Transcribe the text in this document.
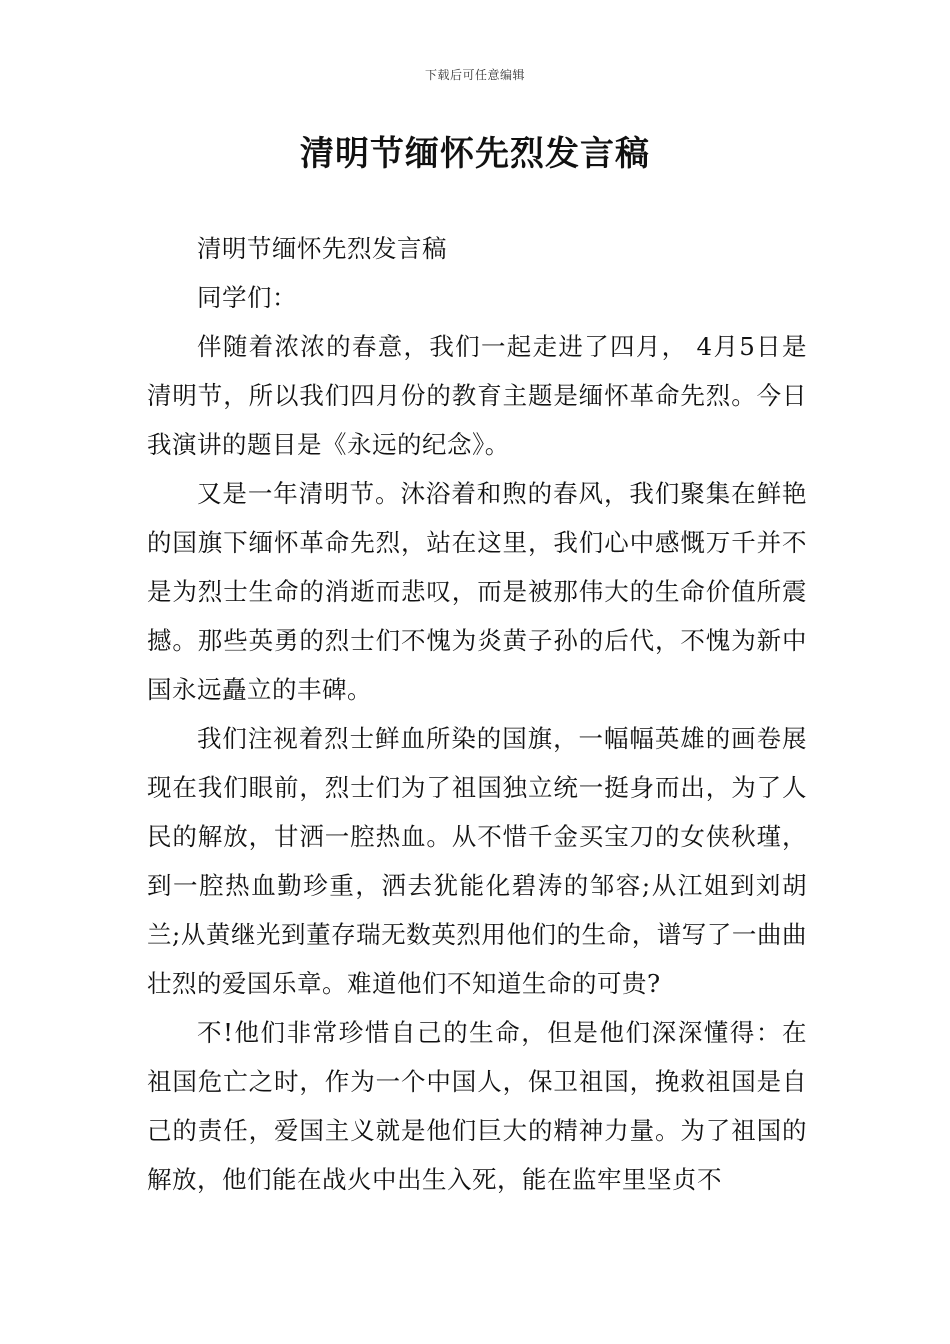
下载后可任意编辑
清明节缅怀先烈发言稿

清明节缅怀先烈发言稿

同学们：

伴随着浓浓的春意，我们一起走进了四月， 4月5日是清明节，所以我们四月份的教育主题是缅怀革命先烈。今日我演讲的题目是《永远的纪念》。

又是一年清明节。沐浴着和煦的春风，我们聚集在鲜艳的国旗下缅怀革命先烈，站在这里，我们心中感慨万千并不是为烈士生命的消逝而悲叹，而是被那伟大的生命价值所震撼。那些英勇的烈士们不愧为炎黄子孙的后代，不愧为新中国永远矗立的丰碑。

我们注视着烈士鲜血所染的国旗，一幅幅英雄的画卷展现在我们眼前，烈士们为了祖国独立统一挺身而出，为了人民的解放，甘洒一腔热血。从不惜千金买宝刀的女侠秋瑾，到一腔热血勤珍重，洒去犹能化碧涛的邹容;从江姐到刘胡兰;从黄继光到董存瑞无数英烈用他们的生命，谱写了一曲曲壮烈的爱国乐章。难道他们不知道生命的可贵?

不!他们非常珍惜自己的生命，但是他们深深懂得：在祖国危亡之时，作为一个中国人，保卫祖国，挽救祖国是自己的责任，爱国主义就是他们巨大的精神力量。为了祖国的解放，他们能在战火中出生入死，能在监牢里坚贞不
